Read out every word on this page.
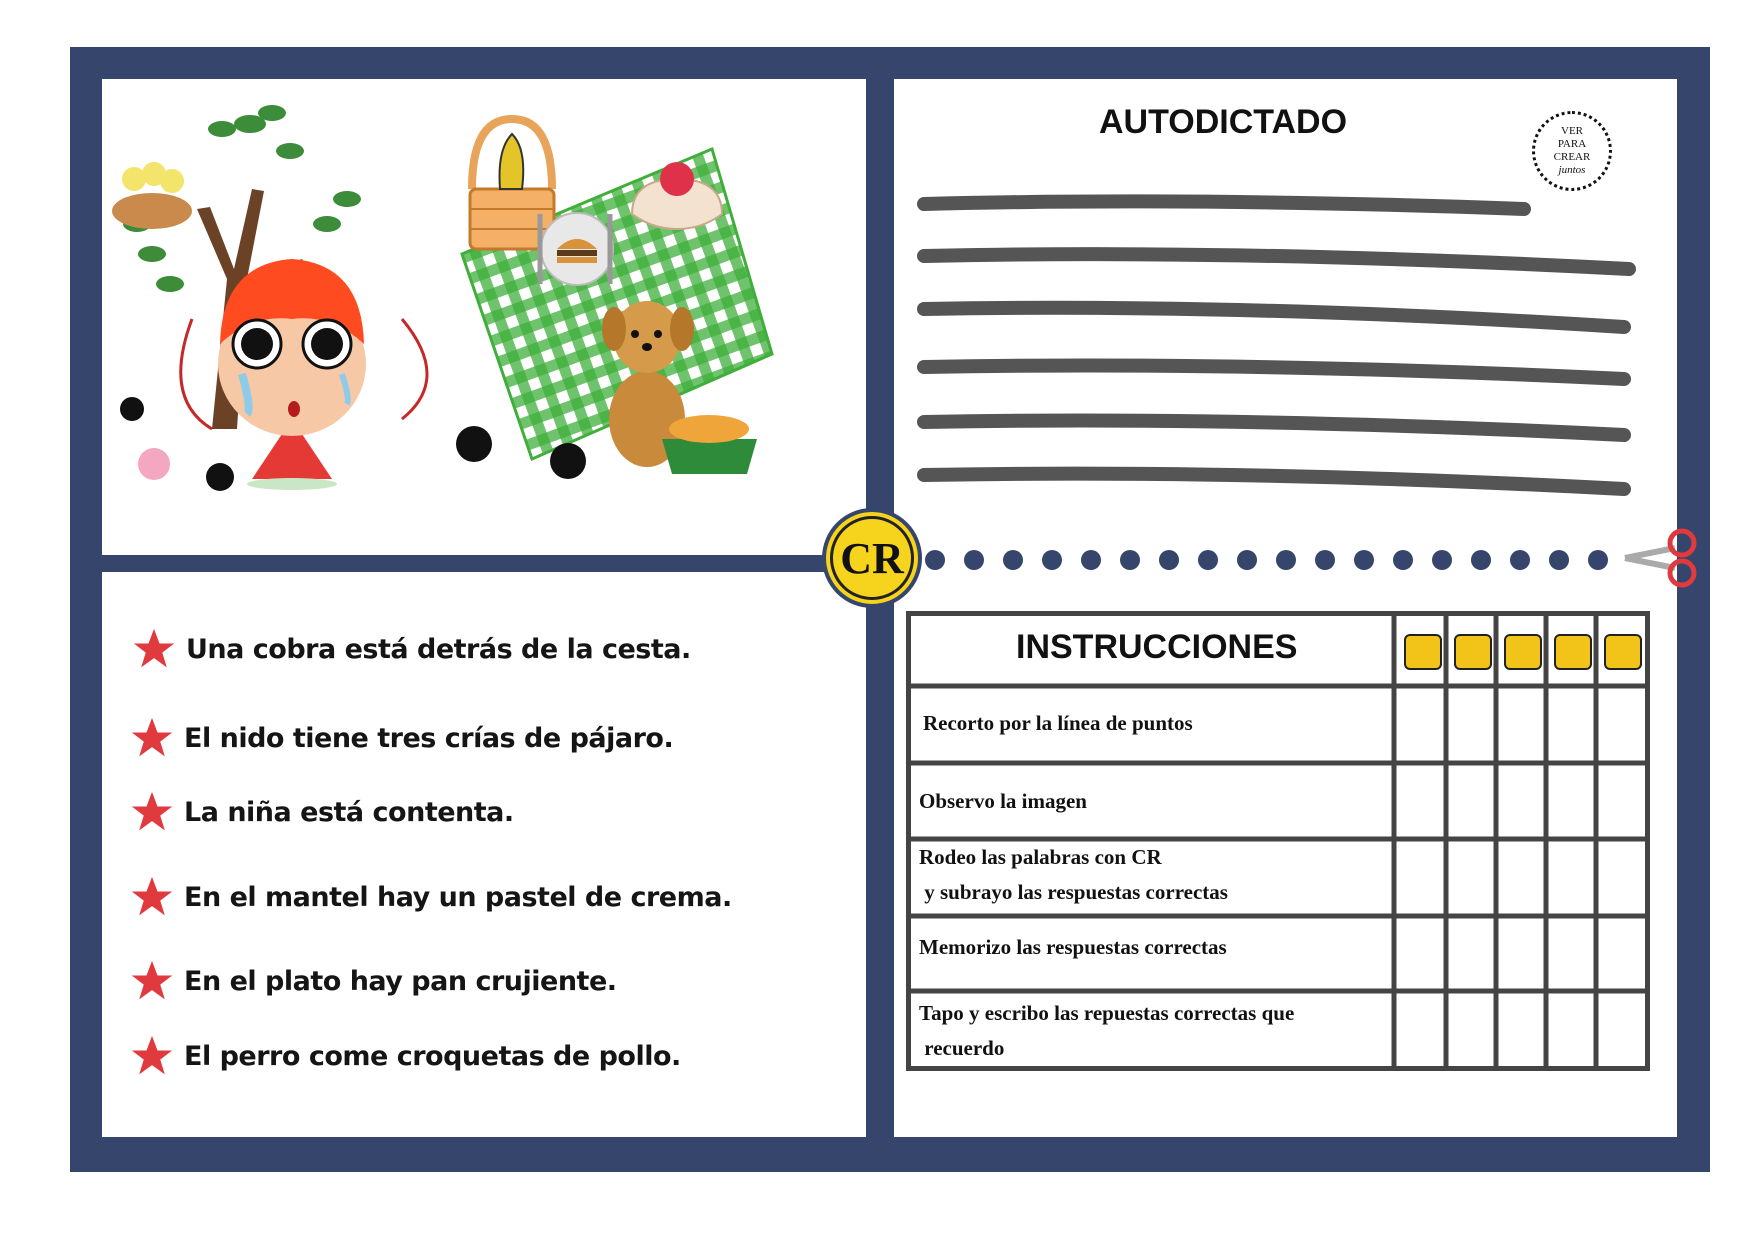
Una cobra está detrás de la cesta.
El nido tiene tres crías de pájaro.
La niña está contenta.
En el mantel hay un pastel de crema.
En el plato hay pan crujiente.
El perro come croquetas de pollo.
AUTODICTADO	VER
PARA
CREAR
juntos
INSTRUCCIONES
Recorto por la línea de puntos
Observo la imagen
Rodeo las palabras con CR
y subrayo las respuestas correctas
Memorizo las respuestas correctas
Tapo y escribo las repuestas correctas que
recuerdo
CR
